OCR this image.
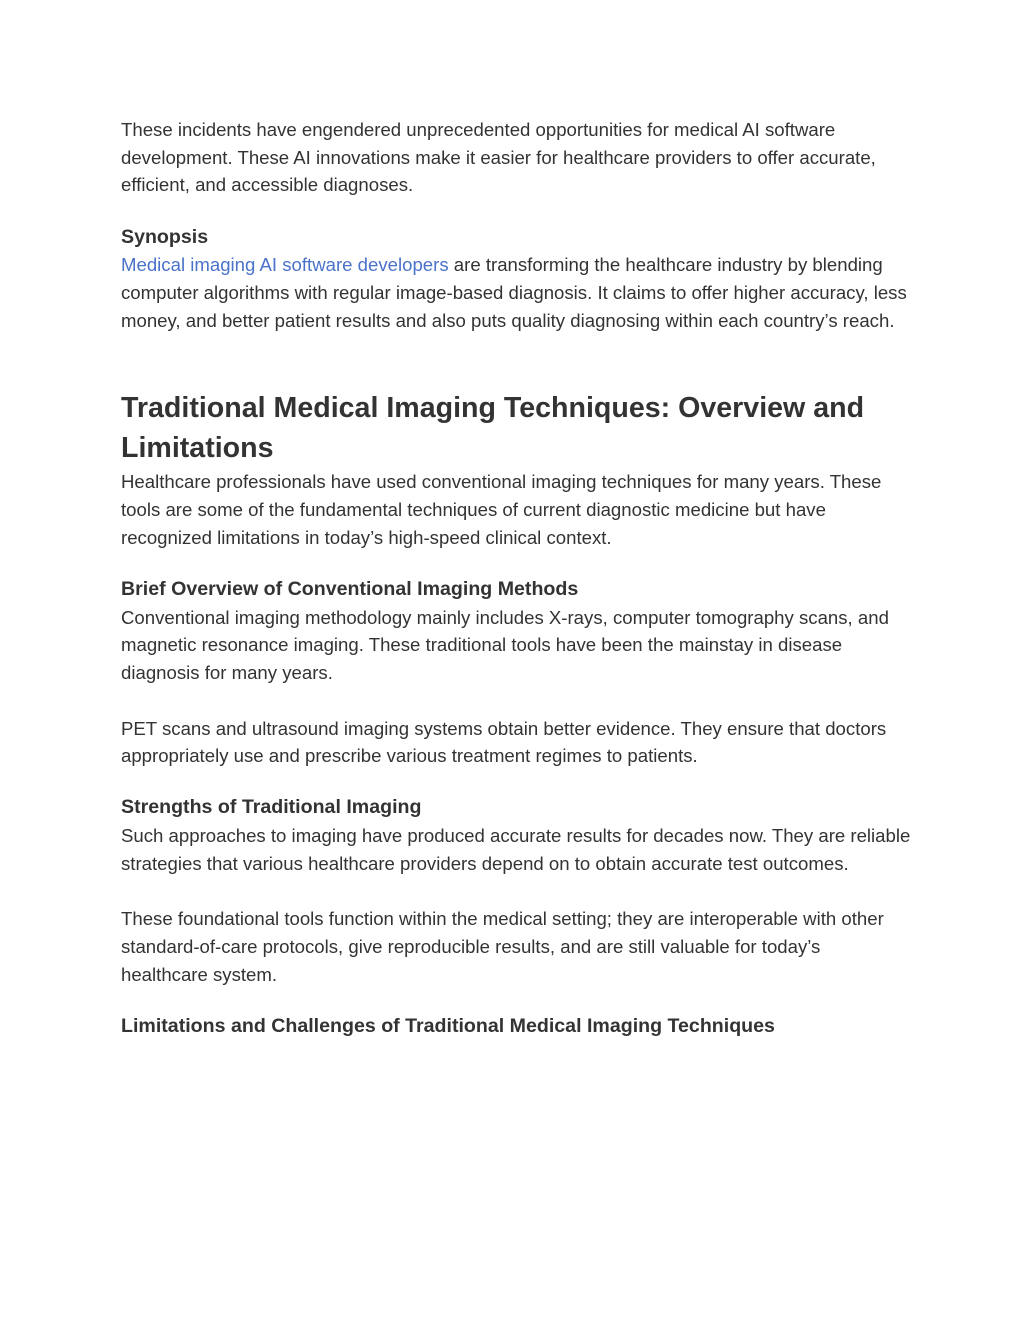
These incidents have engendered unprecedented opportunities for medical AI software development. These AI innovations make it easier for healthcare providers to offer accurate, efficient, and accessible diagnoses.

Synopsis

Medical imaging AI software developers are transforming the healthcare industry by blending computer algorithms with regular image-based diagnosis. It claims to offer higher accuracy, less money, and better patient results and also puts quality diagnosing within each country’s reach.

Traditional Medical Imaging Techniques: Overview and Limitations

Healthcare professionals have used conventional imaging techniques for many years. These tools are some of the fundamental techniques of current diagnostic medicine but have recognized limitations in today’s high-speed clinical context.

Brief Overview of Conventional Imaging Methods

Conventional imaging methodology mainly includes X-rays, computer tomography scans, and magnetic resonance imaging. These traditional tools have been the mainstay in disease diagnosis for many years.

PET scans and ultrasound imaging systems obtain better evidence. They ensure that doctors appropriately use and prescribe various treatment regimes to patients.

Strengths of Traditional Imaging

Such approaches to imaging have produced accurate results for decades now. They are reliable strategies that various healthcare providers depend on to obtain accurate test outcomes.

These foundational tools function within the medical setting; they are interoperable with other standard-of-care protocols, give reproducible results, and are still valuable for today’s healthcare system.

Limitations and Challenges of Traditional Medical Imaging Techniques
